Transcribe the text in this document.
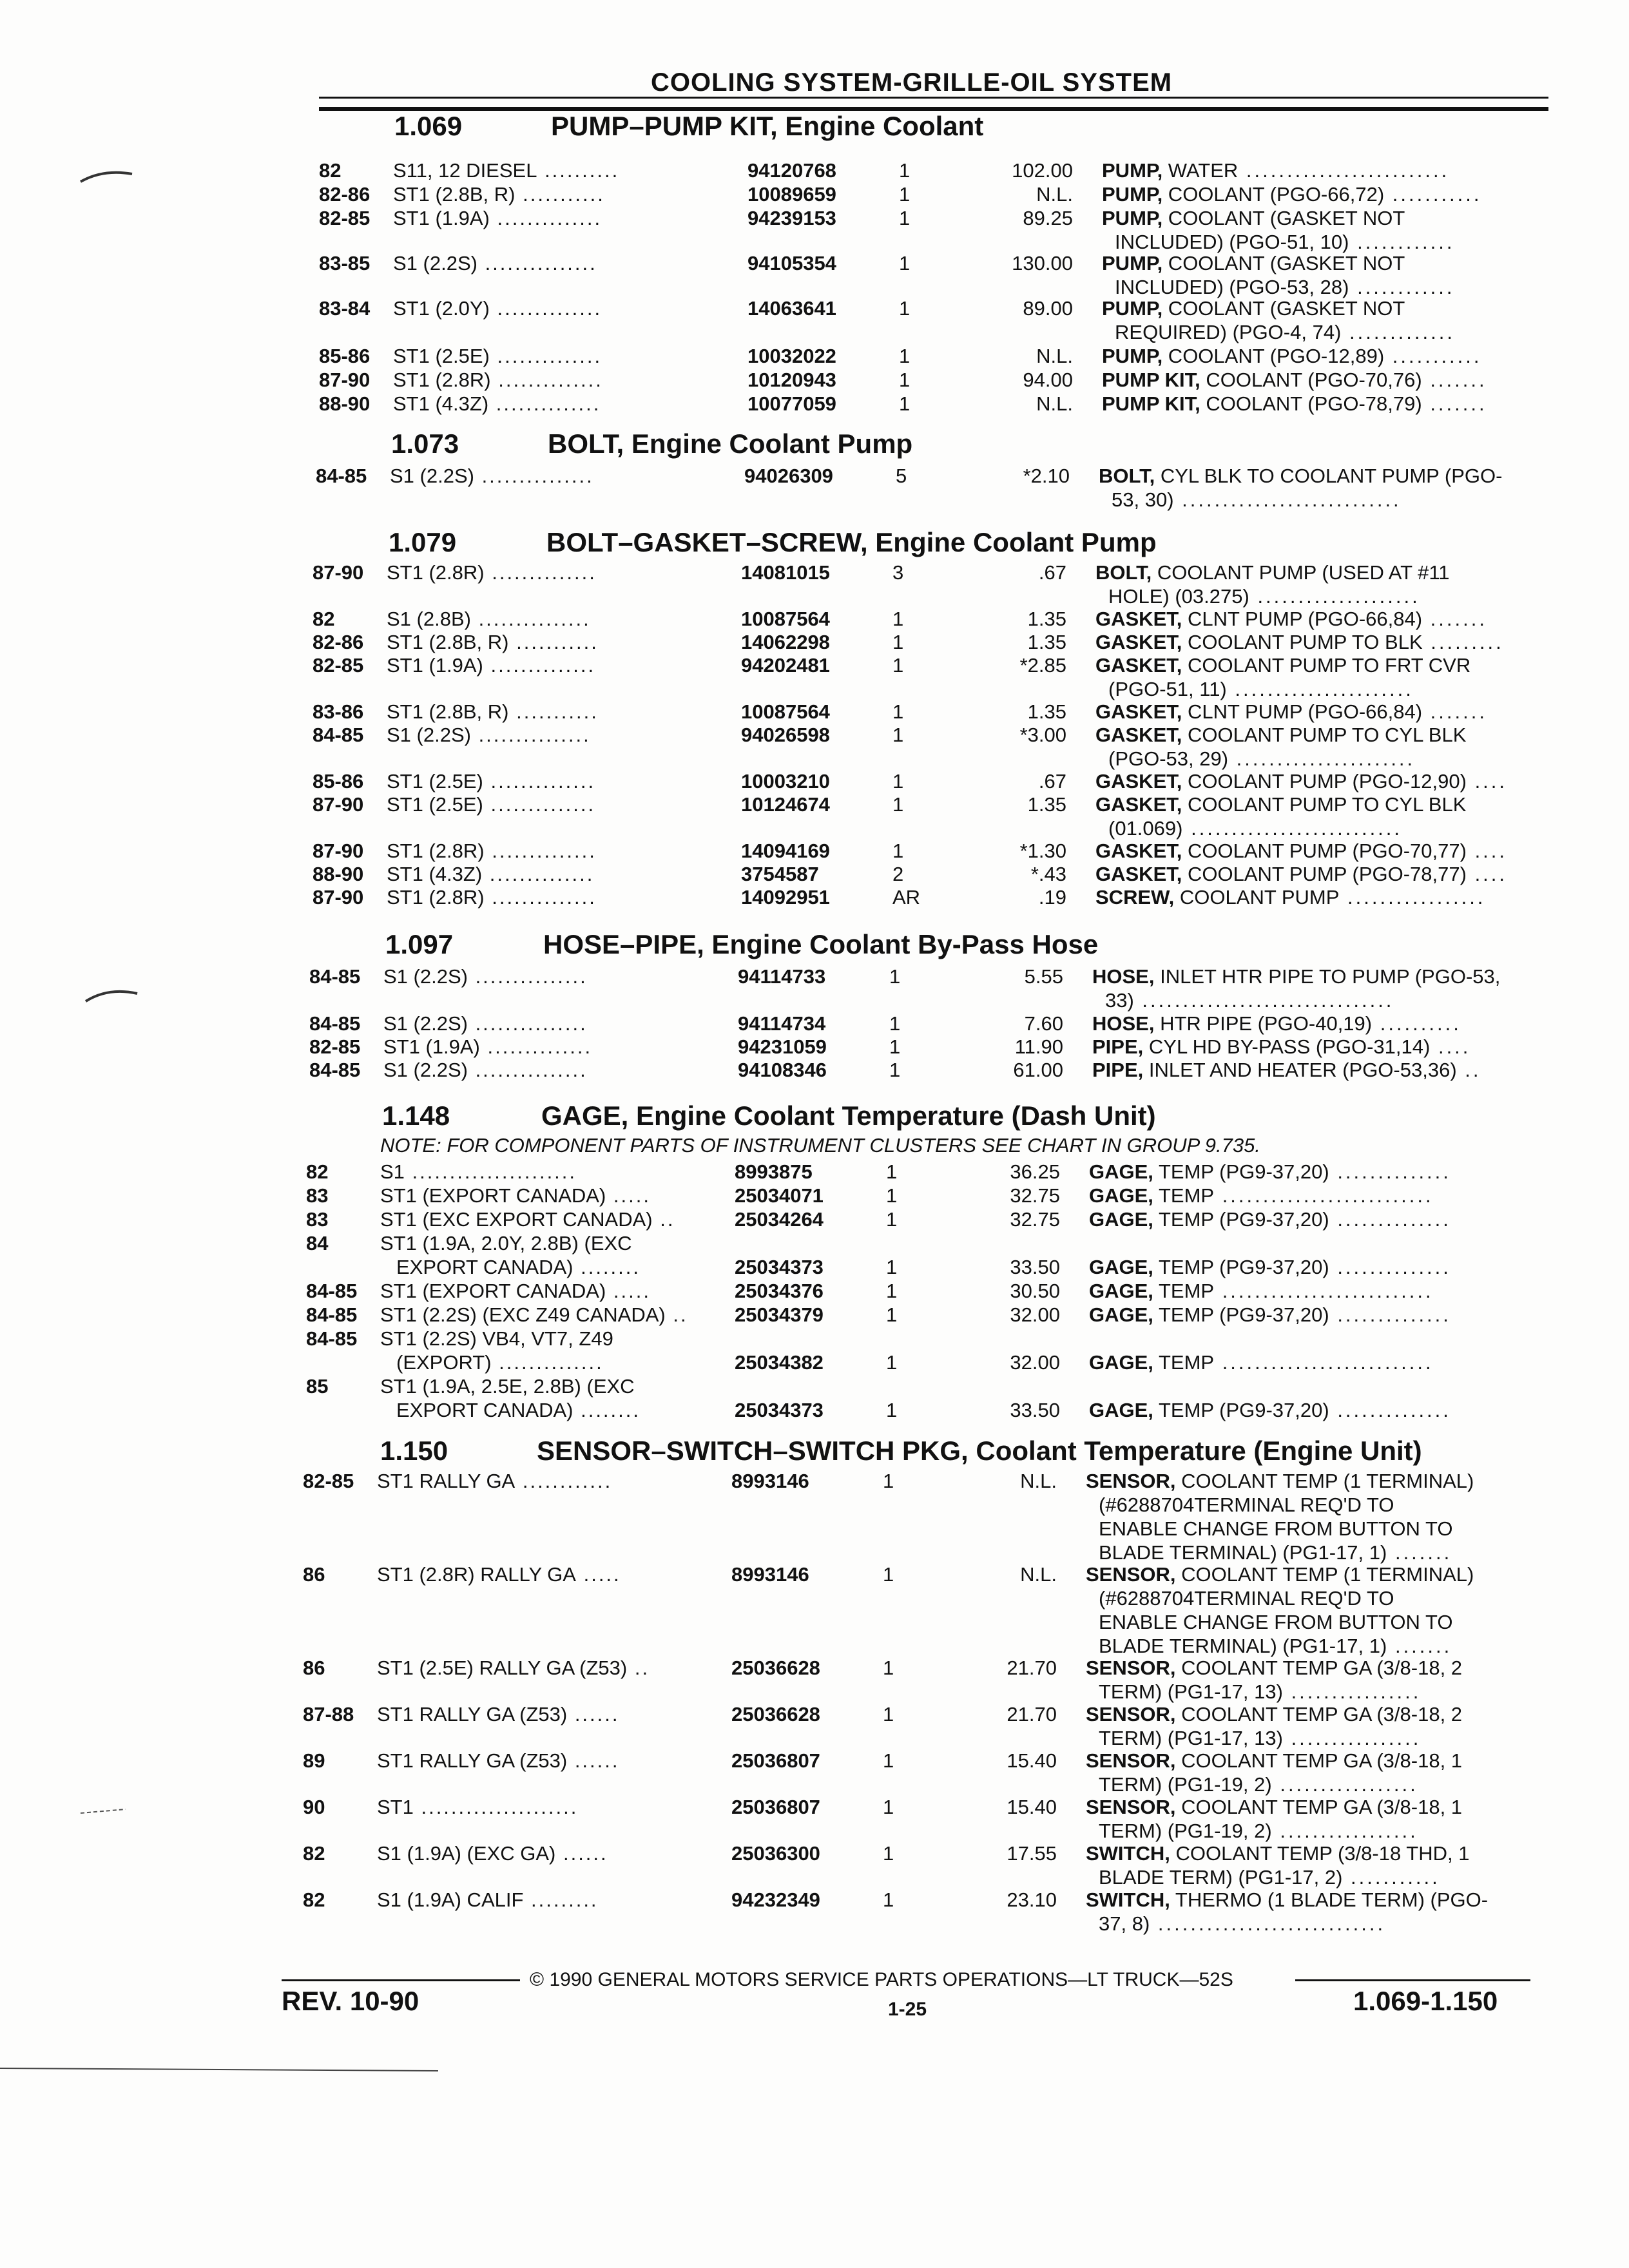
COOLING SYSTEM-GRILLE-OIL SYSTEM
1.069	PUMP–PUMP KIT, Engine Coolant
82	S11, 12 DIESEL ..........	94120768	1	102.00 PUMP, WATER .........................
82-86 ST1 (2.8B, R) ...........	10089659	1	N.L. PUMP, COOLANT (PGO-66,72) ...........
82-85 ST1 (1.9A) ..............	94239153	1	89.25 PUMP, COOLANT (GASKET NOT
INCLUDED) (PGO-51, 10) ............
83-85 S1 (2.2S) ...............	94105354	1	130.00 PUMP, COOLANT (GASKET NOT
INCLUDED) (PGO-53, 28) ............
83-84 ST1 (2.0Y) ..............	14063641	1	89.00 PUMP, COOLANT (GASKET NOT
REQUIRED) (PGO-4, 74) .............
85-86 ST1 (2.5E) ..............	10032022	1	N.L. PUMP, COOLANT (PGO-12,89) ...........
87-90 ST1 (2.8R) ..............	10120943	1	94.00 PUMP KIT, COOLANT (PGO-70,76) .......
88-90 ST1 (4.3Z) ..............	10077059	1	N.L. PUMP KIT, COOLANT (PGO-78,79) .......
1.073	BOLT, Engine Coolant Pump
84-85 S1 (2.2S) ...............	94026309	5	*2.10 BOLT, CYL BLK TO COOLANT PUMP (PGO-
53, 30) ...........................
1.079	BOLT–GASKET–SCREW, Engine Coolant Pump
87-90 ST1 (2.8R) ..............	14081015	3	.67 BOLT, COOLANT PUMP (USED AT #11
HOLE) (03.275) ....................
82	S1 (2.8B) ...............	10087564	1	1.35 GASKET, CLNT PUMP (PGO-66,84) .......
82-86 ST1 (2.8B, R) ...........	14062298	1	1.35 GASKET, COOLANT PUMP TO BLK .........
82-85 ST1 (1.9A) ..............	94202481	1	*2.85 GASKET, COOLANT PUMP TO FRT CVR
(PGO-51, 11) ......................
83-86 ST1 (2.8B, R) ...........	10087564	1	1.35 GASKET, CLNT PUMP (PGO-66,84) .......
84-85 S1 (2.2S) ...............	94026598	1	*3.00 GASKET, COOLANT PUMP TO CYL BLK
(PGO-53, 29) ......................
85-86 ST1 (2.5E) ..............	10003210	1	.67 GASKET, COOLANT PUMP (PGO-12,90) ....
87-90 ST1 (2.5E) ..............	10124674	1	1.35 GASKET, COOLANT PUMP TO CYL BLK
(01.069) ..........................
87-90 ST1 (2.8R) ..............	14094169	1	*1.30 GASKET, COOLANT PUMP (PGO-70,77) ....
88-90 ST1 (4.3Z) ..............	3754587	2	*.43 GASKET, COOLANT PUMP (PGO-78,77) ....
87-90 ST1 (2.8R) ..............	14092951	AR	.19 SCREW, COOLANT PUMP .................
1.097	HOSE–PIPE, Engine Coolant By-Pass Hose
84-85 S1 (2.2S) ...............	94114733	1	5.55 HOSE, INLET HTR PIPE TO PUMP (PGO-53,
33) ...............................
84-85 S1 (2.2S) ...............	94114734	1	7.60 HOSE, HTR PIPE (PGO-40,19) ..........
82-85 ST1 (1.9A) ..............	94231059	1	11.90 PIPE, CYL HD BY-PASS (PGO-31,14) ....
84-85 S1 (2.2S) ...............	94108346	1	61.00 PIPE, INLET AND HEATER (PGO-53,36) ..
1.148	GAGE, Engine Coolant Temperature (Dash Unit)
NOTE: FOR COMPONENT PARTS OF INSTRUMENT CLUSTERS SEE CHART IN GROUP 9.735.
82	S1 ......................	8993875	1	36.25 GAGE, TEMP (PG9-37,20) ..............
83	ST1 (EXPORT CANADA) .....	25034071	1	32.75 GAGE, TEMP ..........................
83	ST1 (EXC EXPORT CANADA) ..	25034264	1	32.75 GAGE, TEMP (PG9-37,20) ..............
84	ST1 (1.9A, 2.0Y, 2.8B) (EXC
EXPORT CANADA) ........	25034373	1	33.50 GAGE, TEMP (PG9-37,20) ..............
84-85 ST1 (EXPORT CANADA) .....	25034376	1	30.50 GAGE, TEMP ..........................
84-85 ST1 (2.2S) (EXC Z49 CANADA) .. 25034379	1	32.00 GAGE, TEMP (PG9-37,20) ..............
84-85 ST1 (2.2S) VB4, VT7, Z49
(EXPORT) ..............	25034382	1	32.00 GAGE, TEMP ..........................
85	ST1 (1.9A, 2.5E, 2.8B) (EXC
EXPORT CANADA) ........	25034373	1	33.50 GAGE, TEMP (PG9-37,20) ..............
1.150	SENSOR–SWITCH–SWITCH PKG, Coolant Temperature (Engine Unit)
82-85 ST1 RALLY GA ............	8993146	1	N.L. SENSOR, COOLANT TEMP (1 TERMINAL)
(#6288704TERMINAL REQ'D TO
ENABLE CHANGE FROM BUTTON TO
BLADE TERMINAL) (PG1-17, 1) .......
86	ST1 (2.8R) RALLY GA .....	8993146	1	N.L. SENSOR, COOLANT TEMP (1 TERMINAL)
(#6288704TERMINAL REQ'D TO
ENABLE CHANGE FROM BUTTON TO
BLADE TERMINAL) (PG1-17, 1) .......
86	ST1 (2.5E) RALLY GA (Z53) ..	25036628	1	21.70 SENSOR, COOLANT TEMP GA (3/8-18, 2
TERM) (PG1-17, 13) ................
87-88 ST1 RALLY GA (Z53) ......	25036628	1	21.70 SENSOR, COOLANT TEMP GA (3/8-18, 2
TERM) (PG1-17, 13) ................
89	ST1 RALLY GA (Z53) ......	25036807	1	15.40 SENSOR, COOLANT TEMP GA (3/8-18, 1
TERM) (PG1-19, 2) .................
90	ST1 .....................	25036807	1	15.40 SENSOR, COOLANT TEMP GA (3/8-18, 1
TERM) (PG1-19, 2) .................
82	S1 (1.9A) (EXC GA) ......	25036300	1	17.55 SWITCH, COOLANT TEMP (3/8-18 THD, 1
BLADE TERM) (PG1-17, 2) ...........
82	S1 (1.9A) CALIF .........	94232349	1	23.10 SWITCH, THERMO (1 BLADE TERM) (PGO-
37, 8) ............................
© 1990 GENERAL MOTORS SERVICE PARTS OPERATIONS—LT TRUCK—52S
REV. 10-90	1-25	1.069-1.150
